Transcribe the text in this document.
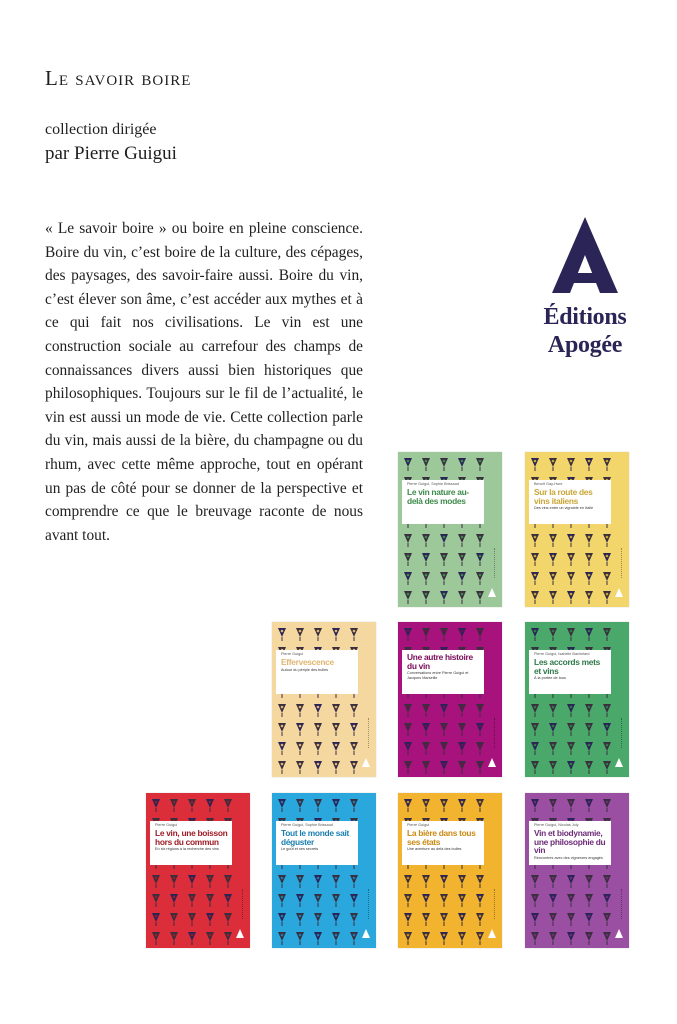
Le savoir boire
collection dirigée
par Pierre Guigui

« Le savoir boire » ou boire en pleine conscience. Boire du vin, c’est boire de la culture, des cépages, des paysages, des savoir-faire aussi. Boire du vin, c’est élever son âme, c’est accéder aux mythes et à ce qui fait nos civilisations. Le vin est une construction sociale au carrefour des champs de connaissances divers aussi bien historiques que philosophiques. Toujours sur le fil de l’actualité, le vin est aussi un mode de vie. Cette collection parle du vin, mais aussi de la bière, du champagne ou du rhum, avec cette même approche, tout en opérant un pas de côté pour se donner de la perspective et comprendre ce que le breuvage raconte de nous avant tout.

Éditions
Apogée
Pierre Guigui, Sophie Brissaud
Le vin nature au-delà des modes
Benoît Gay-Hure
Sur la route des vins italiens
Des vins entre un vignoble en Italie
Pierre Guigui
Effervescence
Autour du périple des bulles
Une autre histoire du vin
Conversations entre Pierre Guigui et Jacques Marseille
Pierre Guigui, Isabelle Bachelard
Les accords mets et vins
À la portée de tous
Pierre Guigui
Le vin, une boisson hors du commun
En six régions à la recherche des vins
Pierre Guigui, Sophie Brissaud
Tout le monde sait déguster
Le goût et ses secrets
Pierre Guigui
La bière dans tous ses états
Une aventure au delà des bulles
Pierre Guigui, Nicolas Joly
Vin et biodynamie, une philosophie du vin
Rencontres avec des vignerons engagés
